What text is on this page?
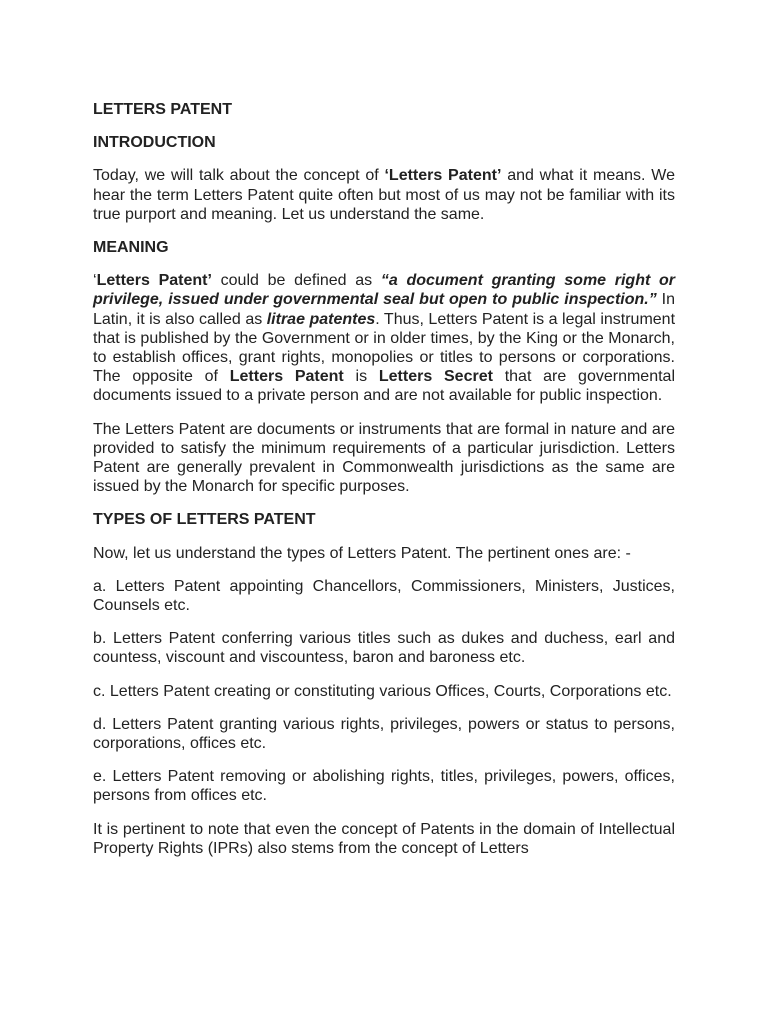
LETTERS PATENT
INTRODUCTION

Today, we will talk about the concept of ‘Letters Patent’ and what it means. We hear the term Letters Patent quite often but most of us may not be familiar with its true purport and meaning. Let us understand the same.

MEANING

‘Letters Patent’ could be defined as “a document granting some right or privilege, issued under governmental seal but open to public inspection.” In Latin, it is also called as litrae patentes. Thus, Letters Patent is a legal instrument that is published by the Government or in older times, by the King or the Monarch, to establish offices, grant rights, monopolies or titles to persons or corporations. The opposite of Letters Patent is Letters Secret that are governmental documents issued to a private person and are not available for public inspection.

The Letters Patent are documents or instruments that are formal in nature and are provided to satisfy the minimum requirements of a particular jurisdiction. Letters Patent are generally prevalent in Commonwealth jurisdictions as the same are issued by the Monarch for specific purposes.

TYPES OF LETTERS PATENT

Now, let us understand the types of Letters Patent. The pertinent ones are: -

a. Letters Patent appointing Chancellors, Commissioners, Ministers, Justices, Counsels etc.

b. Letters Patent conferring various titles such as dukes and duchess, earl and countess, viscount and viscountess, baron and baroness etc.

c. Letters Patent creating or constituting various Offices, Courts, Corporations etc.

d. Letters Patent granting various rights, privileges, powers or status to persons, corporations, offices etc.

e. Letters Patent removing or abolishing rights, titles, privileges, powers, offices, persons from offices etc.

It is pertinent to note that even the concept of Patents in the domain of Intellectual Property Rights (IPRs) also stems from the concept of Letters
